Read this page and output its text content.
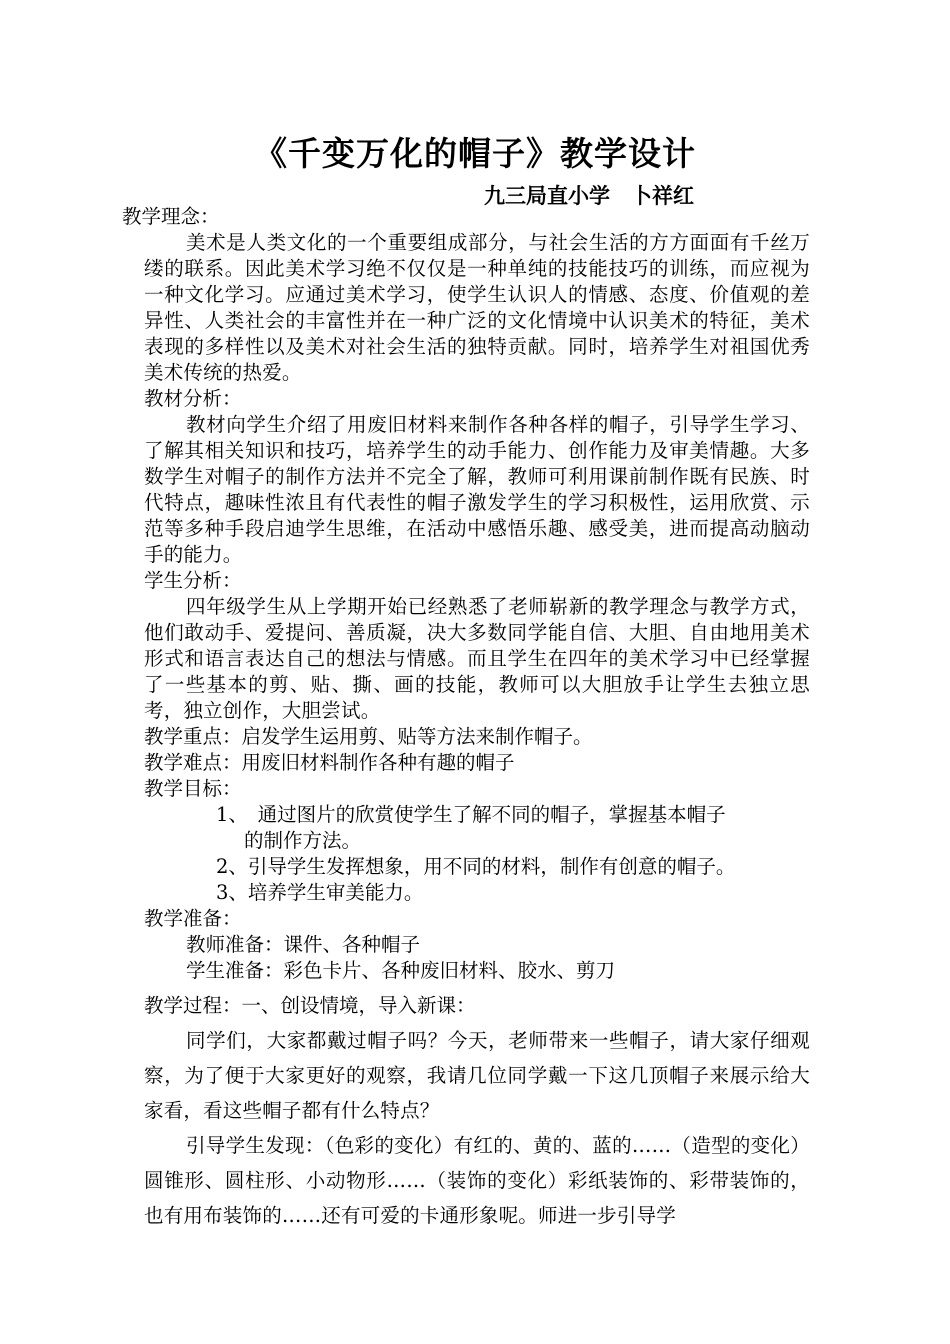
《千变万化的帽子》教学设计
九三局直小学　卜祥红
教学理念：
美术是人类文化的一个重要组成部分，与社会生活的方方面面有千丝万缕的联系。因此美术学习绝不仅仅是一种单纯的技能技巧的训练，而应视为一种文化学习。应通过美术学习，使学生认识人的情感、态度、价值观的差异性、人类社会的丰富性并在一种广泛的文化情境中认识美术的特征，美术表现的多样性以及美术对社会生活的独特贡献。同时，培养学生对祖国优秀美术传统的热爱。
教材分析：
教材向学生介绍了用废旧材料来制作各种各样的帽子，引导学生学习、了解其相关知识和技巧，培养学生的动手能力、创作能力及审美情趣。大多数学生对帽子的制作方法并不完全了解，教师可利用课前制作既有民族、时代特点，趣味性浓且有代表性的帽子激发学生的学习积极性，运用欣赏、示范等多种手段启迪学生思维，在活动中感悟乐趣、感受美，进而提高动脑动手的能力。
学生分析：
四年级学生从上学期开始已经熟悉了老师崭新的教学理念与教学方式，他们敢动手、爱提问、善质凝，决大多数同学能自信、大胆、自由地用美术形式和语言表达自己的想法与情感。而且学生在四年的美术学习中已经掌握了一些基本的剪、贴、撕、画的技能，教师可以大胆放手让学生去独立思考，独立创作，大胆尝试。
教学重点：启发学生运用剪、贴等方法来制作帽子。
教学难点：用废旧材料制作各种有趣的帽子
教学目标：
1、　通过图片的欣赏使学生了解不同的帽子，掌握基本帽子
的制作方法。
2、引导学生发挥想象，用不同的材料，制作有创意的帽子。
3、培养学生审美能力。
教学准备：
教师准备：课件、各种帽子
学生准备：彩色卡片、各种废旧材料、胶水、剪刀
教学过程：一、创设情境，导入新课：
同学们，大家都戴过帽子吗？今天，老师带来一些帽子，请大家仔细观察，为了便于大家更好的观察，我请几位同学戴一下这几顶帽子来展示给大家看，看这些帽子都有什么特点？
引导学生发现：（色彩的变化）有红的、黄的、蓝的……（造型的变化）圆锥形、圆柱形、小动物形……（装饰的变化）彩纸装饰的、彩带装饰的，也有用布装饰的……还有可爱的卡通形象呢。师进一步引导学
